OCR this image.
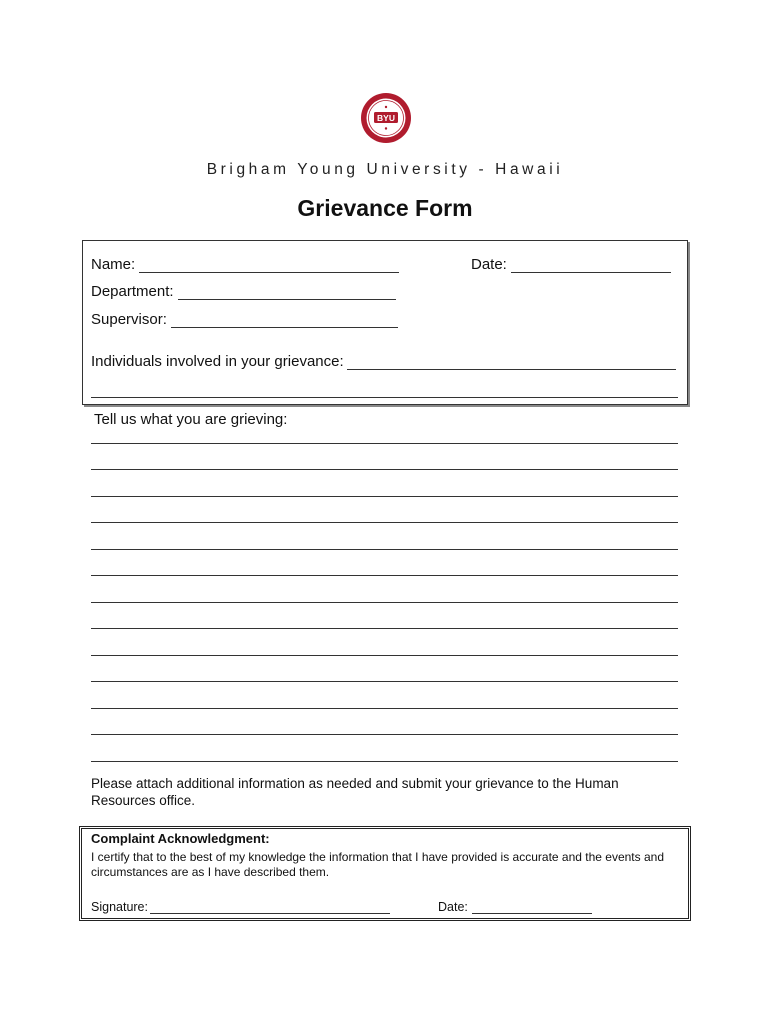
BYU
Brigham Young University - Hawaii
Grievance Form
Name:	Date:
Department:
Supervisor:
Individuals involved in your grievance:
Tell us what you are grieving:
Please attach additional information as needed and submit your grievance to the Human Resources office.
Complaint Acknowledgment:
I certify that to the best of my knowledge the information that I have provided is accurate and the events and circumstances are as I have described them.
Signature:	Date:
